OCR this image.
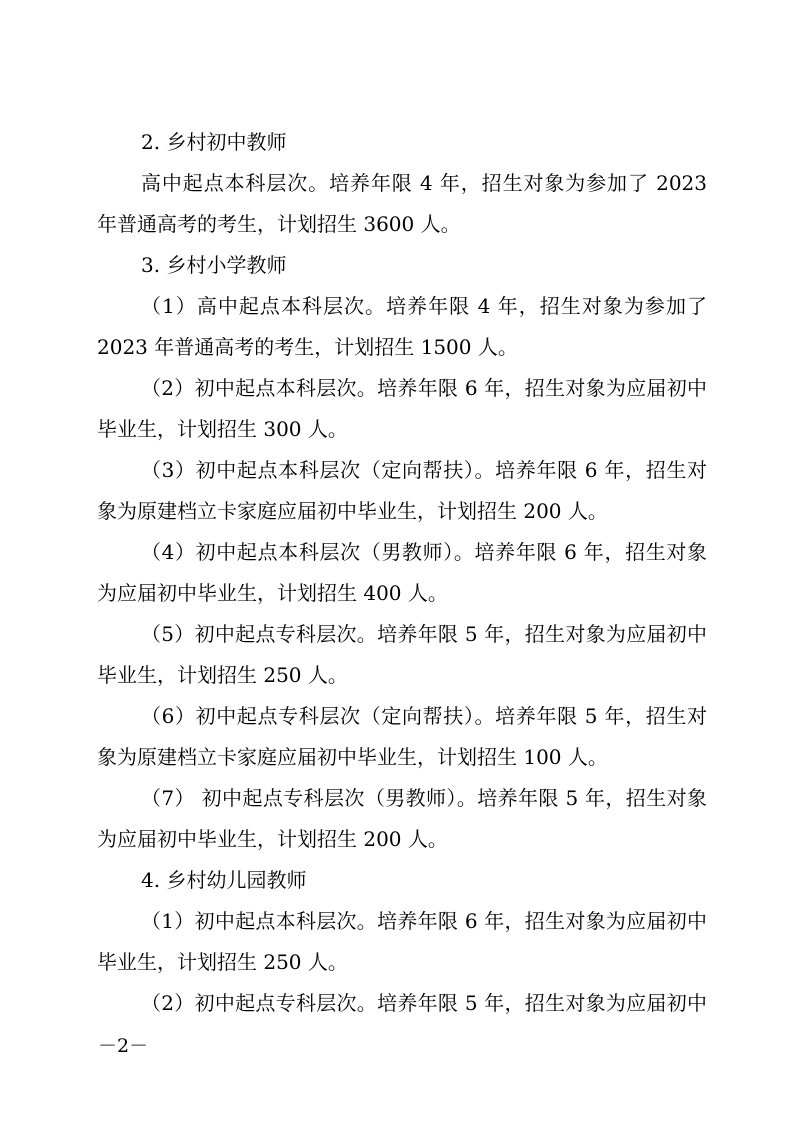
2. 乡村初中教师
高中起点本科层次。培养年限 4 年，招生对象为参加了 2023
年普通高考的考生，计划招生 3600 人。
3. 乡村小学教师
（1）高中起点本科层次。培养年限 4 年，招生对象为参加了
2023 年普通高考的考生，计划招生 1500 人。
（2）初中起点本科层次。培养年限 6 年，招生对象为应届初中
毕业生，计划招生 300 人。
（3）初中起点本科层次（定向帮扶）。培养年限 6 年，招生对
象为原建档立卡家庭应届初中毕业生，计划招生 200 人。
（4）初中起点本科层次（男教师）。培养年限 6 年，招生对象
为应届初中毕业生，计划招生 400 人。
（5）初中起点专科层次。培养年限 5 年，招生对象为应届初中
毕业生，计划招生 250 人。
（6）初中起点专科层次（定向帮扶）。培养年限 5 年，招生对
象为原建档立卡家庭应届初中毕业生，计划招生 100 人。
（7） 初中起点专科层次（男教师）。培养年限 5 年，招生对象
为应届初中毕业生，计划招生 200 人。
4. 乡村幼儿园教师
（1）初中起点本科层次。培养年限 6 年，招生对象为应届初中
毕业生，计划招生 250 人。
（2）初中起点专科层次。培养年限 5 年，招生对象为应届初中
－2－
